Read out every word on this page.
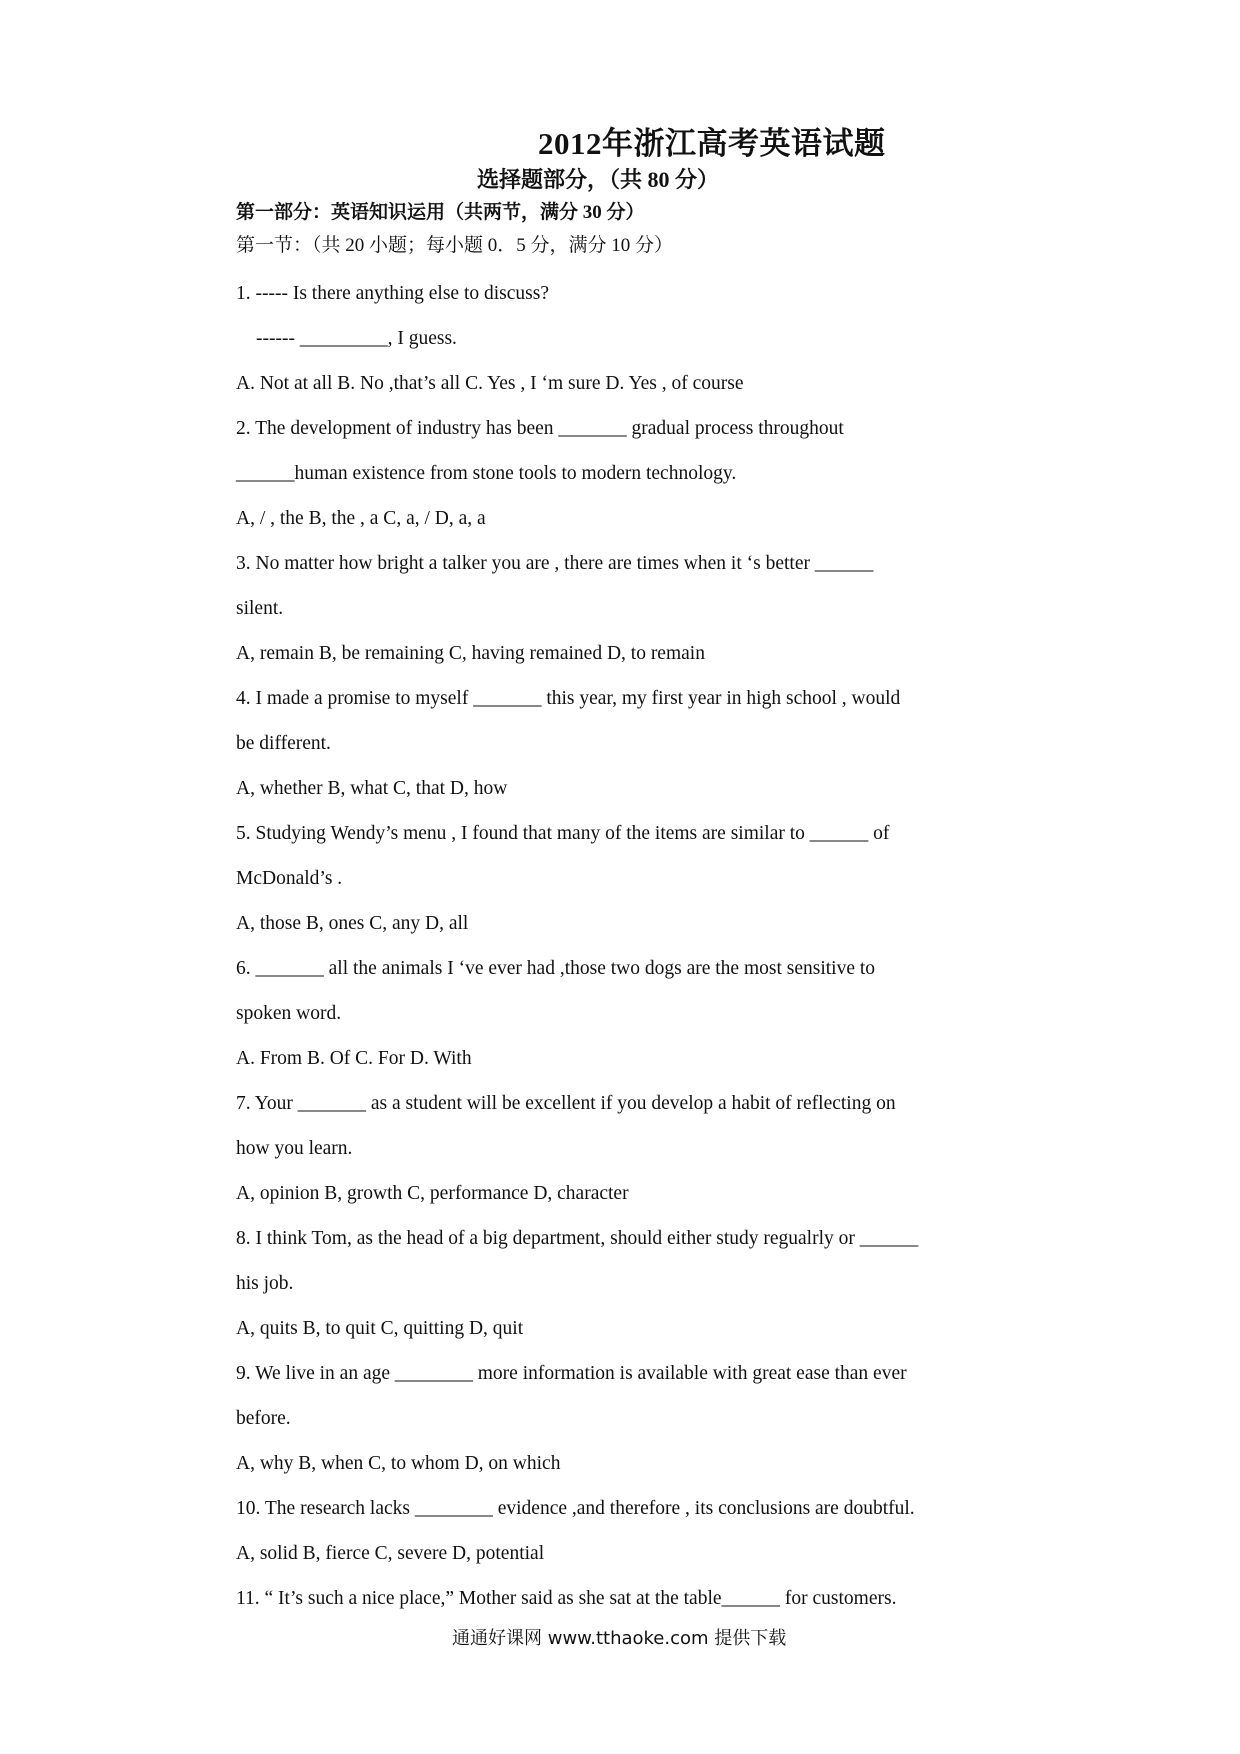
2012年浙江高考英语试题
选择题部分，（共 80 分）
第一部分：英语知识运用（共两节，满分 30 分）
第一节：（共 20 小题；每小题 0．5 分，满分 10 分）
1. ----- Is there anything else to discuss?
------ _________, I guess.
A. Not at all B. No ,that’s all C. Yes , I ‘m sure D. Yes , of course
2. The development of industry has been _______ gradual process throughout
______human existence from stone tools to modern technology.
A, / , the B, the , a C, a, / D, a, a
3. No matter how bright a talker you are , there are times when it ‘s better ______
silent.
A, remain B, be remaining C, having remained D, to remain
4. I made a promise to myself _______ this year, my first year in high school , would
be different.
A, whether B, what C, that D, how
5. Studying Wendy’s menu , I found that many of the items are similar to ______ of
McDonald’s .
A, those B, ones C, any D, all
6. _______ all the animals I ‘ve ever had ,those two dogs are the most sensitive to
spoken word.
A. From B. Of C. For D. With
7. Your _______ as a student will be excellent if you develop a habit of reflecting on
how you learn.
A, opinion B, growth C, performance D, character
8. I think Tom, as the head of a big department, should either study regualrly or ______
his job.
A, quits B, to quit C, quitting D, quit
9. We live in an age ________ more information is available with great ease than ever
before.
A, why B, when C, to whom D, on which
10. The research lacks ________ evidence ,and therefore , its conclusions are doubtful.
A, solid B, fierce C, severe D, potential
11. “ It’s such a nice place,” Mother said as she sat at the table______ for customers.
通通好课网 www.tthaoke.com 提供下载
